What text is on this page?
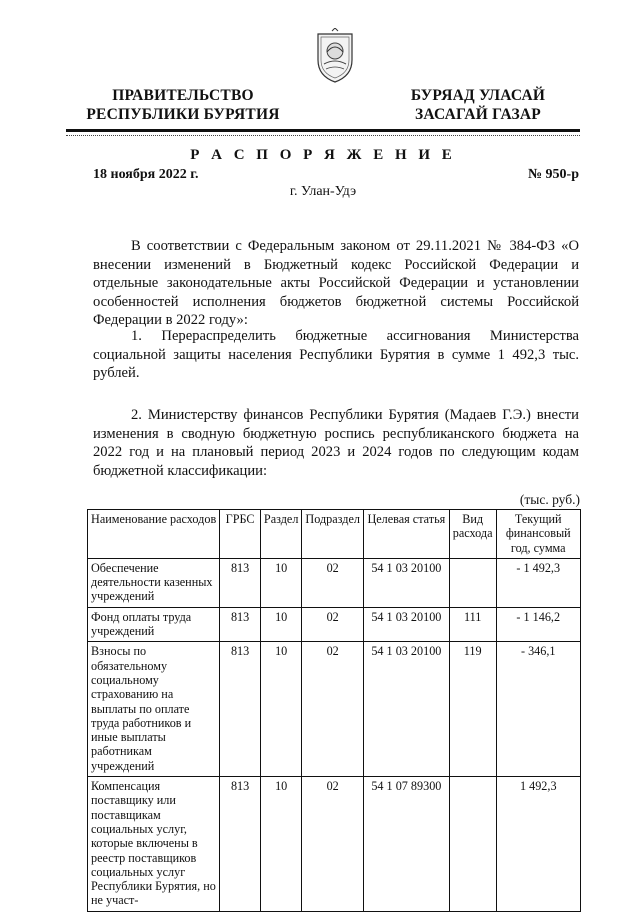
ПРАВИТЕЛЬСТВО
РЕСПУБЛИКИ БУРЯТИЯ
БУРЯАД УЛАСАЙ
ЗАСАГАЙ ГАЗАР
Р А С П О Р Я Ж Е Н И Е
18 ноября 2022 г.	№ 950-р
г. Улан-Удэ
В соответствии с Федеральным законом от 29.11.2021 № 384-ФЗ «О внесении изменений в Бюджетный кодекс Российской Федерации и отдельные законодательные акты Российской Федерации и установлении особенностей исполнения бюджетов бюджетной системы Российской Федерации в 2022 году»:
1. Перераспределить бюджетные ассигнования Министерства социальной защиты населения Республики Бурятия в сумме 1 492,3 тыс. рублей.
2. Министерству финансов Республики Бурятия (Мадаев Г.Э.) внести изменения в сводную бюджетную роспись республиканского бюджета на 2022 год и на плановый период 2023 и 2024 годов по следующим кодам бюджетной классификации:
(тыс. руб.)
Наименование расходов	ГРБС	Раздел	Подраздел	Целевая статья	Вид расхода	Текущий финансовый год, сумма
Обеспечение деятельности казенных учреждений	813	10	02	54 1 03 20100		- 1 492,3
Фонд оплаты труда учреждений	813	10	02	54 1 03 20100	111	- 1 146,2
Взносы по обязательному социальному страхованию на выплаты по оплате труда работников и иные выплаты работникам учреждений	813	10	02	54 1 03 20100	119	- 346,1
Компенсация поставщику или поставщикам социальных услуг, которые включены в реестр поставщиков социальных услуг Республики Бурятия, но не участ-	813	10	02	54 1 07 89300		1 492,3
